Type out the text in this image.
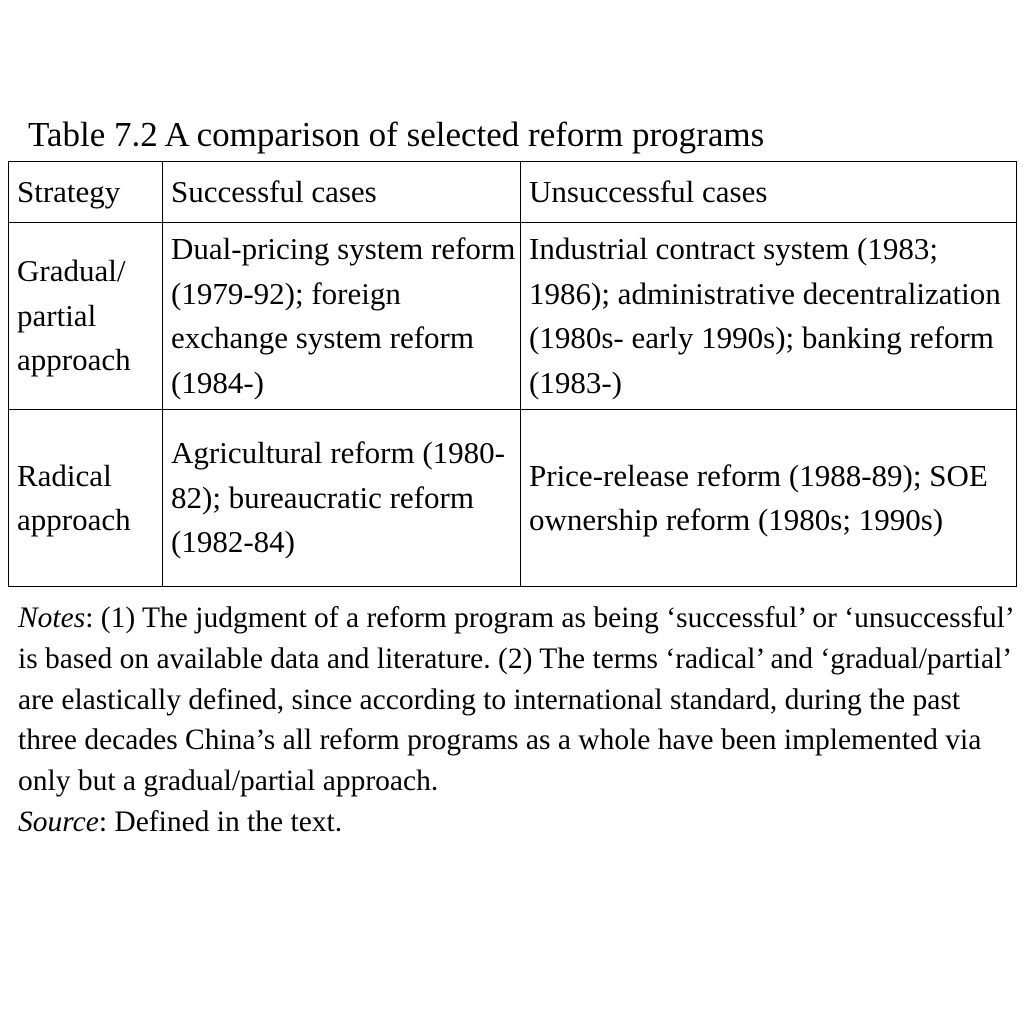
Table 7.2 A comparison of selected reform programs
Strategy	Successful cases	Unsuccessful cases

Gradual/ partial approach	Dual-pricing system reform (1979-92); foreign exchange system reform (1984-)	Industrial contract system (1983; 1986); administrative decentralization (1980s- early 1990s); banking reform (1983-)

Radical approach	Agricultural reform (1980-82); bureaucratic reform (1982-84)	Price-release reform (1988-89); SOE ownership reform (1980s; 1990s)

Notes: (1) The judgment of a reform program as being ‘successful’ or ‘unsuccessful’ is based on available data and literature. (2) The terms ‘radical’ and ‘gradual/partial’ are elastically defined, since according to international standard, during the past three decades China’s all reform programs as a whole have been implemented via only but a gradual/partial approach.

Source: Defined in the text.
